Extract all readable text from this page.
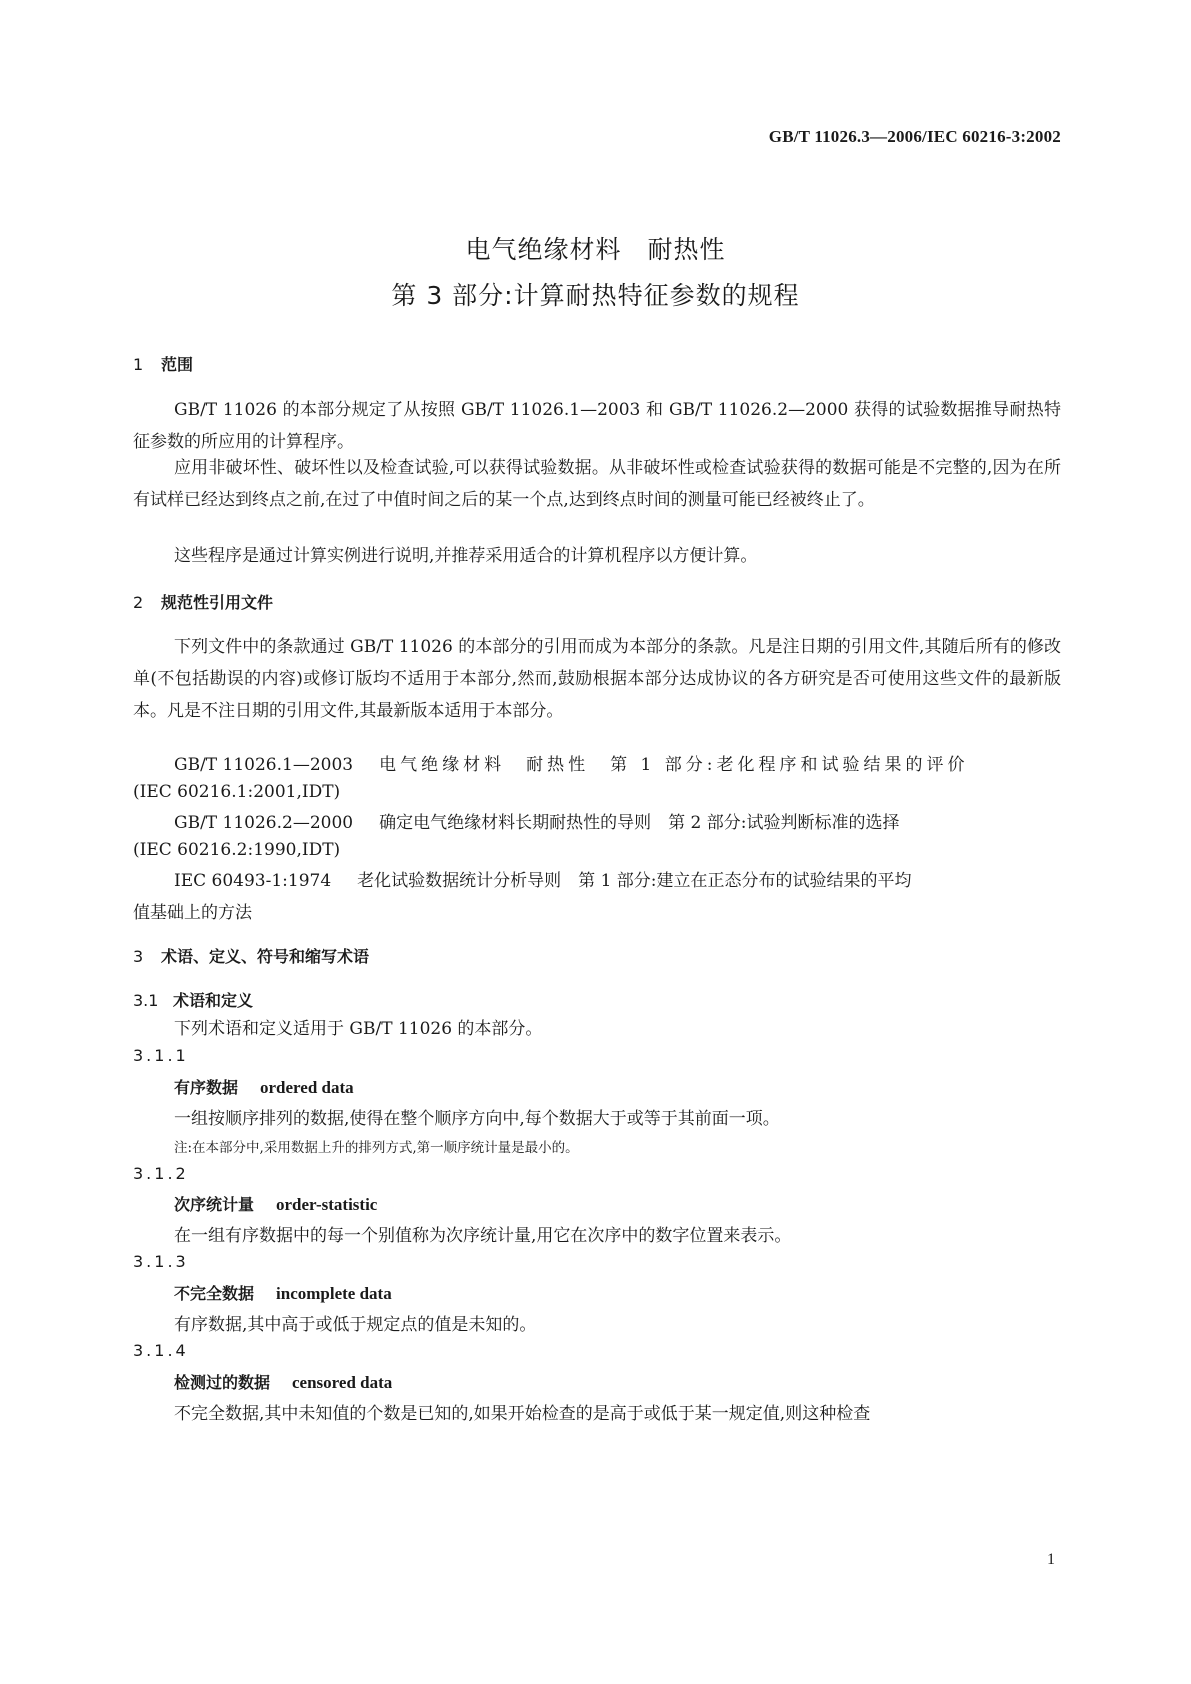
GB/T 11026.3—2006/IEC 60216-3:2002
电气绝缘材料　耐热性
第 3 部分:计算耐热特征参数的规程
1 范围
GB/T 11026 的本部分规定了从按照 GB/T 11026.1—2003 和 GB/T 11026.2—2000 获得的试验数据推导耐热特征参数的所应用的计算程序。
应用非破坏性、破坏性以及检查试验,可以获得试验数据。从非破坏性或检查试验获得的数据可能是不完整的,因为在所有试样已经达到终点之前,在过了中值时间之后的某一个点,达到终点时间的测量可能已经被终止了。
这些程序是通过计算实例进行说明,并推荐采用适合的计算机程序以方便计算。
2 规范性引用文件
下列文件中的条款通过 GB/T 11026 的本部分的引用而成为本部分的条款。凡是注日期的引用文件,其随后所有的修改单(不包括勘误的内容)或修订版均不适用于本部分,然而,鼓励根据本部分达成协议的各方研究是否可使用这些文件的最新版本。凡是不注日期的引用文件,其最新版本适用于本部分。
GB/T 11026.1—2003 电气绝缘材料　耐热性　第 1 部分:老化程序和试验结果的评价
(IEC 60216.1:2001,IDT)
GB/T 11026.2—2000 确定电气绝缘材料长期耐热性的导则　第 2 部分:试验判断标准的选择
(IEC 60216.2:1990,IDT)
IEC 60493-1:1974 老化试验数据统计分析导则　第 1 部分:建立在正态分布的试验结果的平均
值基础上的方法
3 术语、定义、符号和缩写术语
3.1 术语和定义
下列术语和定义适用于 GB/T 11026 的本部分。
3.1.1
有序数据 ordered data
一组按顺序排列的数据,使得在整个顺序方向中,每个数据大于或等于其前面一项。
注:在本部分中,采用数据上升的排列方式,第一顺序统计量是最小的。
3.1.2
次序统计量 order-statistic
在一组有序数据中的每一个别值称为次序统计量,用它在次序中的数字位置来表示。
3.1.3
不完全数据 incomplete data
有序数据,其中高于或低于规定点的值是未知的。
3.1.4
检测过的数据 censored data
不完全数据,其中未知值的个数是已知的,如果开始检查的是高于或低于某一规定值,则这种检查
1
